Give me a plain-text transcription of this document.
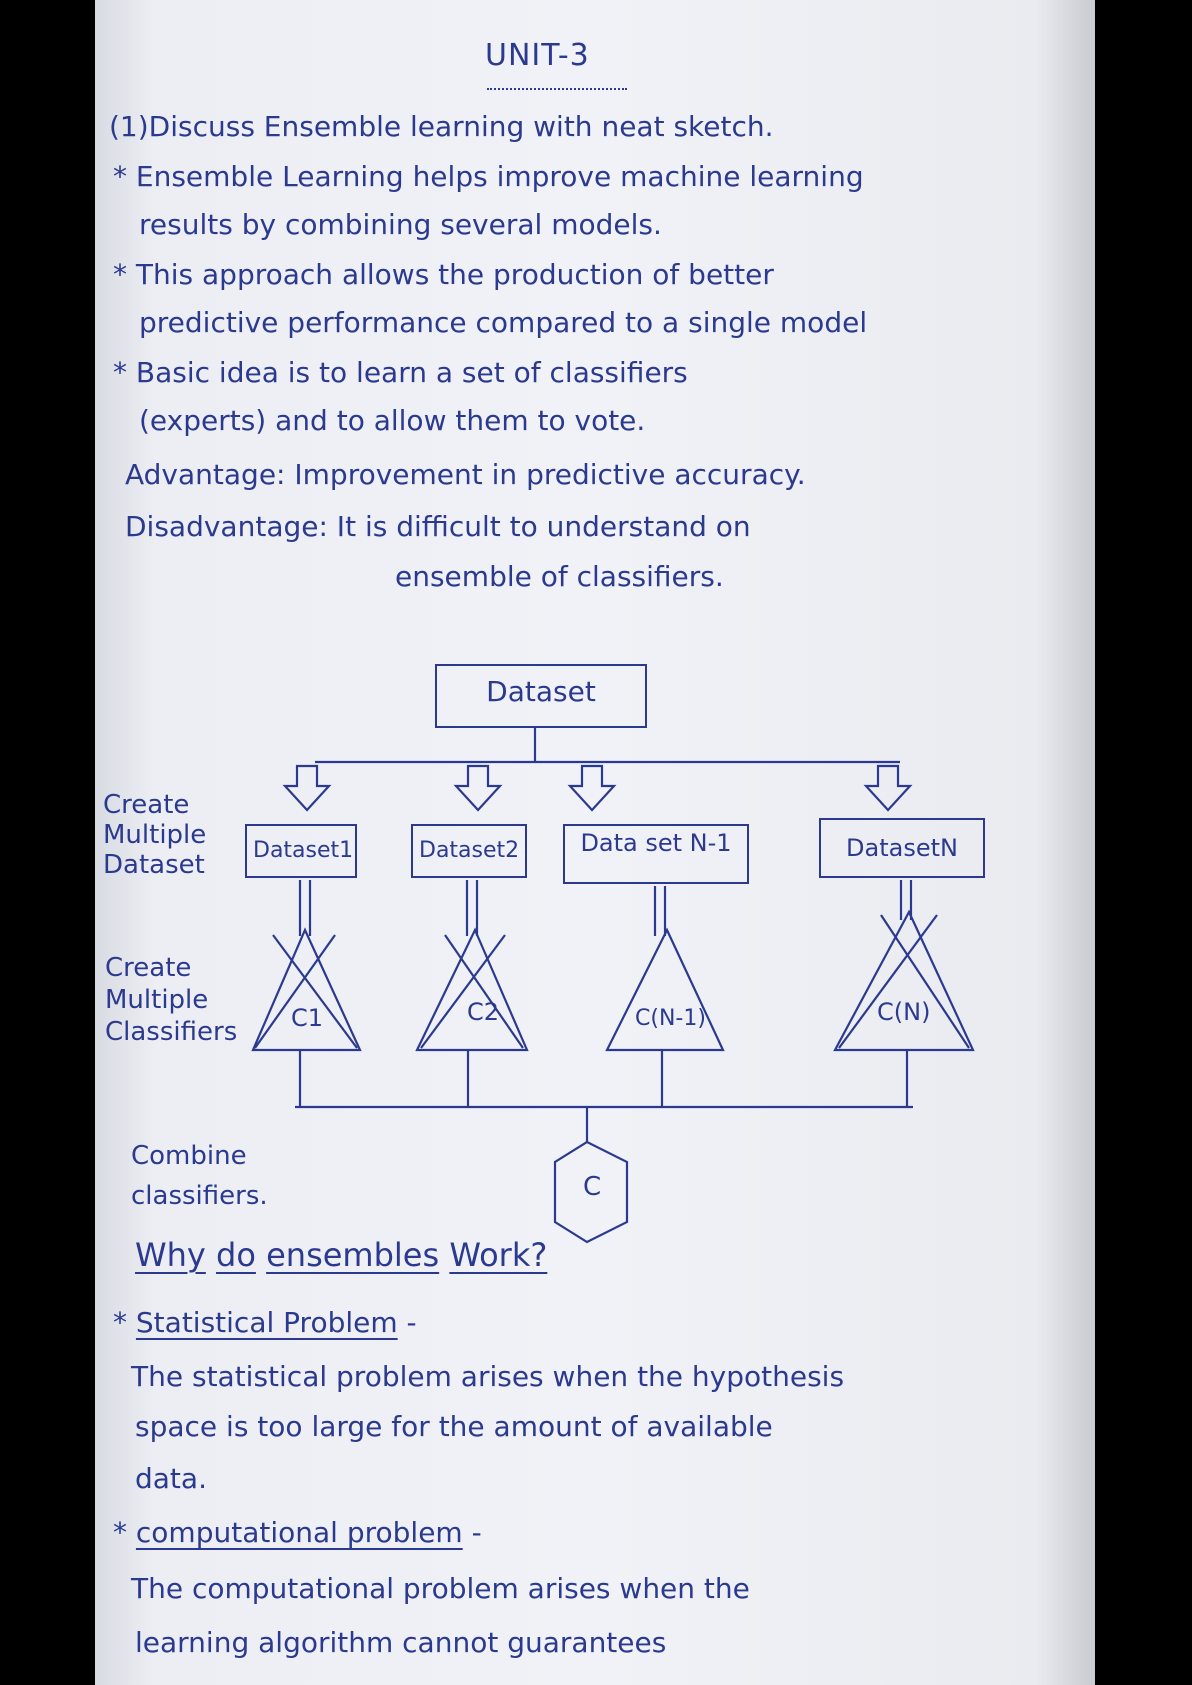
UNIT-3
(1)Discuss Ensemble learning with neat sketch.
* Ensemble Learning helps improve machine learning
results by combining several models.
* This approach allows the production of better
predictive performance compared to a single model
* Basic idea is to learn a set of classifiers
(experts) and to allow them to vote.
Advantage: Improvement in predictive accuracy.
Disadvantage: It is difficult to understand on
ensemble of classifiers.
Dataset
Dataset1	Dataset2	Data set N-1	DatasetN
C1	C2	C(N-1)	C(N)
C
Create
Multiple
Dataset
Create
Multiple
Classifiers
Combine
classifiers.
Why do ensembles Work?
* Statistical Problem -
The statistical problem arises when the hypothesis
space is too large for the amount of available
data.
* computational problem -
The computational problem arises when the
learning algorithm cannot guarantees
